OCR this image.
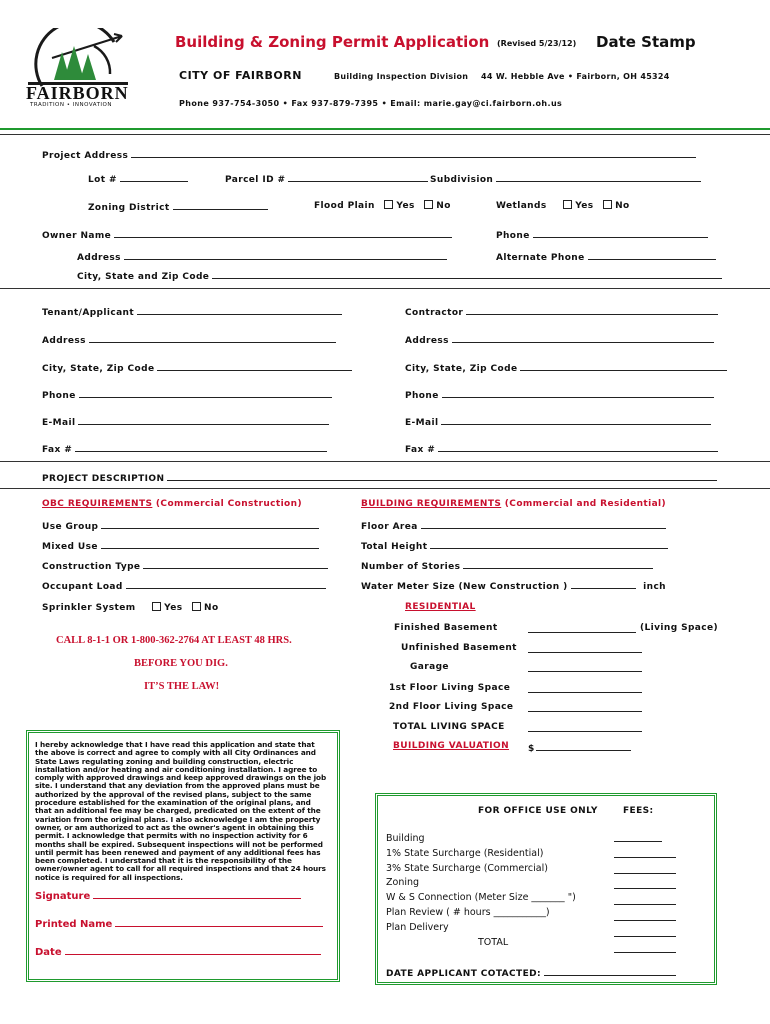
FAIRBORN
TRADITION • INNOVATION
Building & Zoning Permit Application (Revised 5/23/12) Date Stamp
CITY OF FAIRBORN	Building Inspection Division 44 W. Hebble Ave • Fairborn, OH 45324
Phone 937-754-3050 • Fax 937-879-7395 • Email: marie.gay@ci.fairborn.oh.us
Project Address
Lot #	Parcel ID #	Subdivision
Zoning District	Flood Plain Yes No	Wetlands	Yes No
Owner Name	Phone
Address	Alternate Phone
City, State and Zip Code
Tenant/Applicant	Contractor
Address	Address
City, State, Zip Code	City, State, Zip Code
Phone	Phone
E-Mail	E-Mail
Fax #	Fax #
PROJECT DESCRIPTION
OBC REQUIREMENTS (Commercial Construction)
Use Group
Mixed Use
Construction Type
Occupant Load
Sprinkler System	Yes No
BUILDING REQUIREMENTS (Commercial and Residential)
Floor Area
Total Height
Number of Stories
Water Meter Size (New Construction )	inch
RESIDENTIAL
Finished Basement	(Living Space)
Unfinished Basement
Garage
1st Floor Living Space
2nd Floor Living Space
TOTAL LIVING SPACE
BUILDING VALUATION $
CALL 8-1-1 OR 1-800-362-2764 AT LEAST 48 HRS.
BEFORE YOU DIG.
IT’S THE LAW!
I hereby acknowledge that I have read this application and state that the above is correct and agree to comply with all City Ordinances and State Laws regulating zoning and building construction, electric installation and/or heating and air conditioning installation. I agree to comply with approved drawings and keep approved drawings on the job site. I understand that any deviation from the approved plans must be authorized by the approval of the revised plans, subject to the same procedure established for the examination of the original plans, and that an additional fee may be charged, predicated on the extent of the variation from the original plans. I also acknowledge I am the property owner, or am authorized to act as the owner's agent in obtaining this permit. I acknowledge that permits with no inspection activity for 6 months shall be expired. Subsequent inspections will not be performed until permit has been renewed and payment of any additional fees has been completed. I understand that it is the responsibility of the owner/owner agent to call for all required inspections and that 24 hours notice is required for all inspections.
Signature
Printed Name
Date
FOR OFFICE USE ONLY	FEES:
Building
1% State Surcharge (Residential)
3% State Surcharge (Commercial)
Zoning
W & S Connection (Meter Size _______ ")
Plan Review ( # hours ___________)
Plan Delivery
TOTAL
DATE APPLICANT COTACTED:
